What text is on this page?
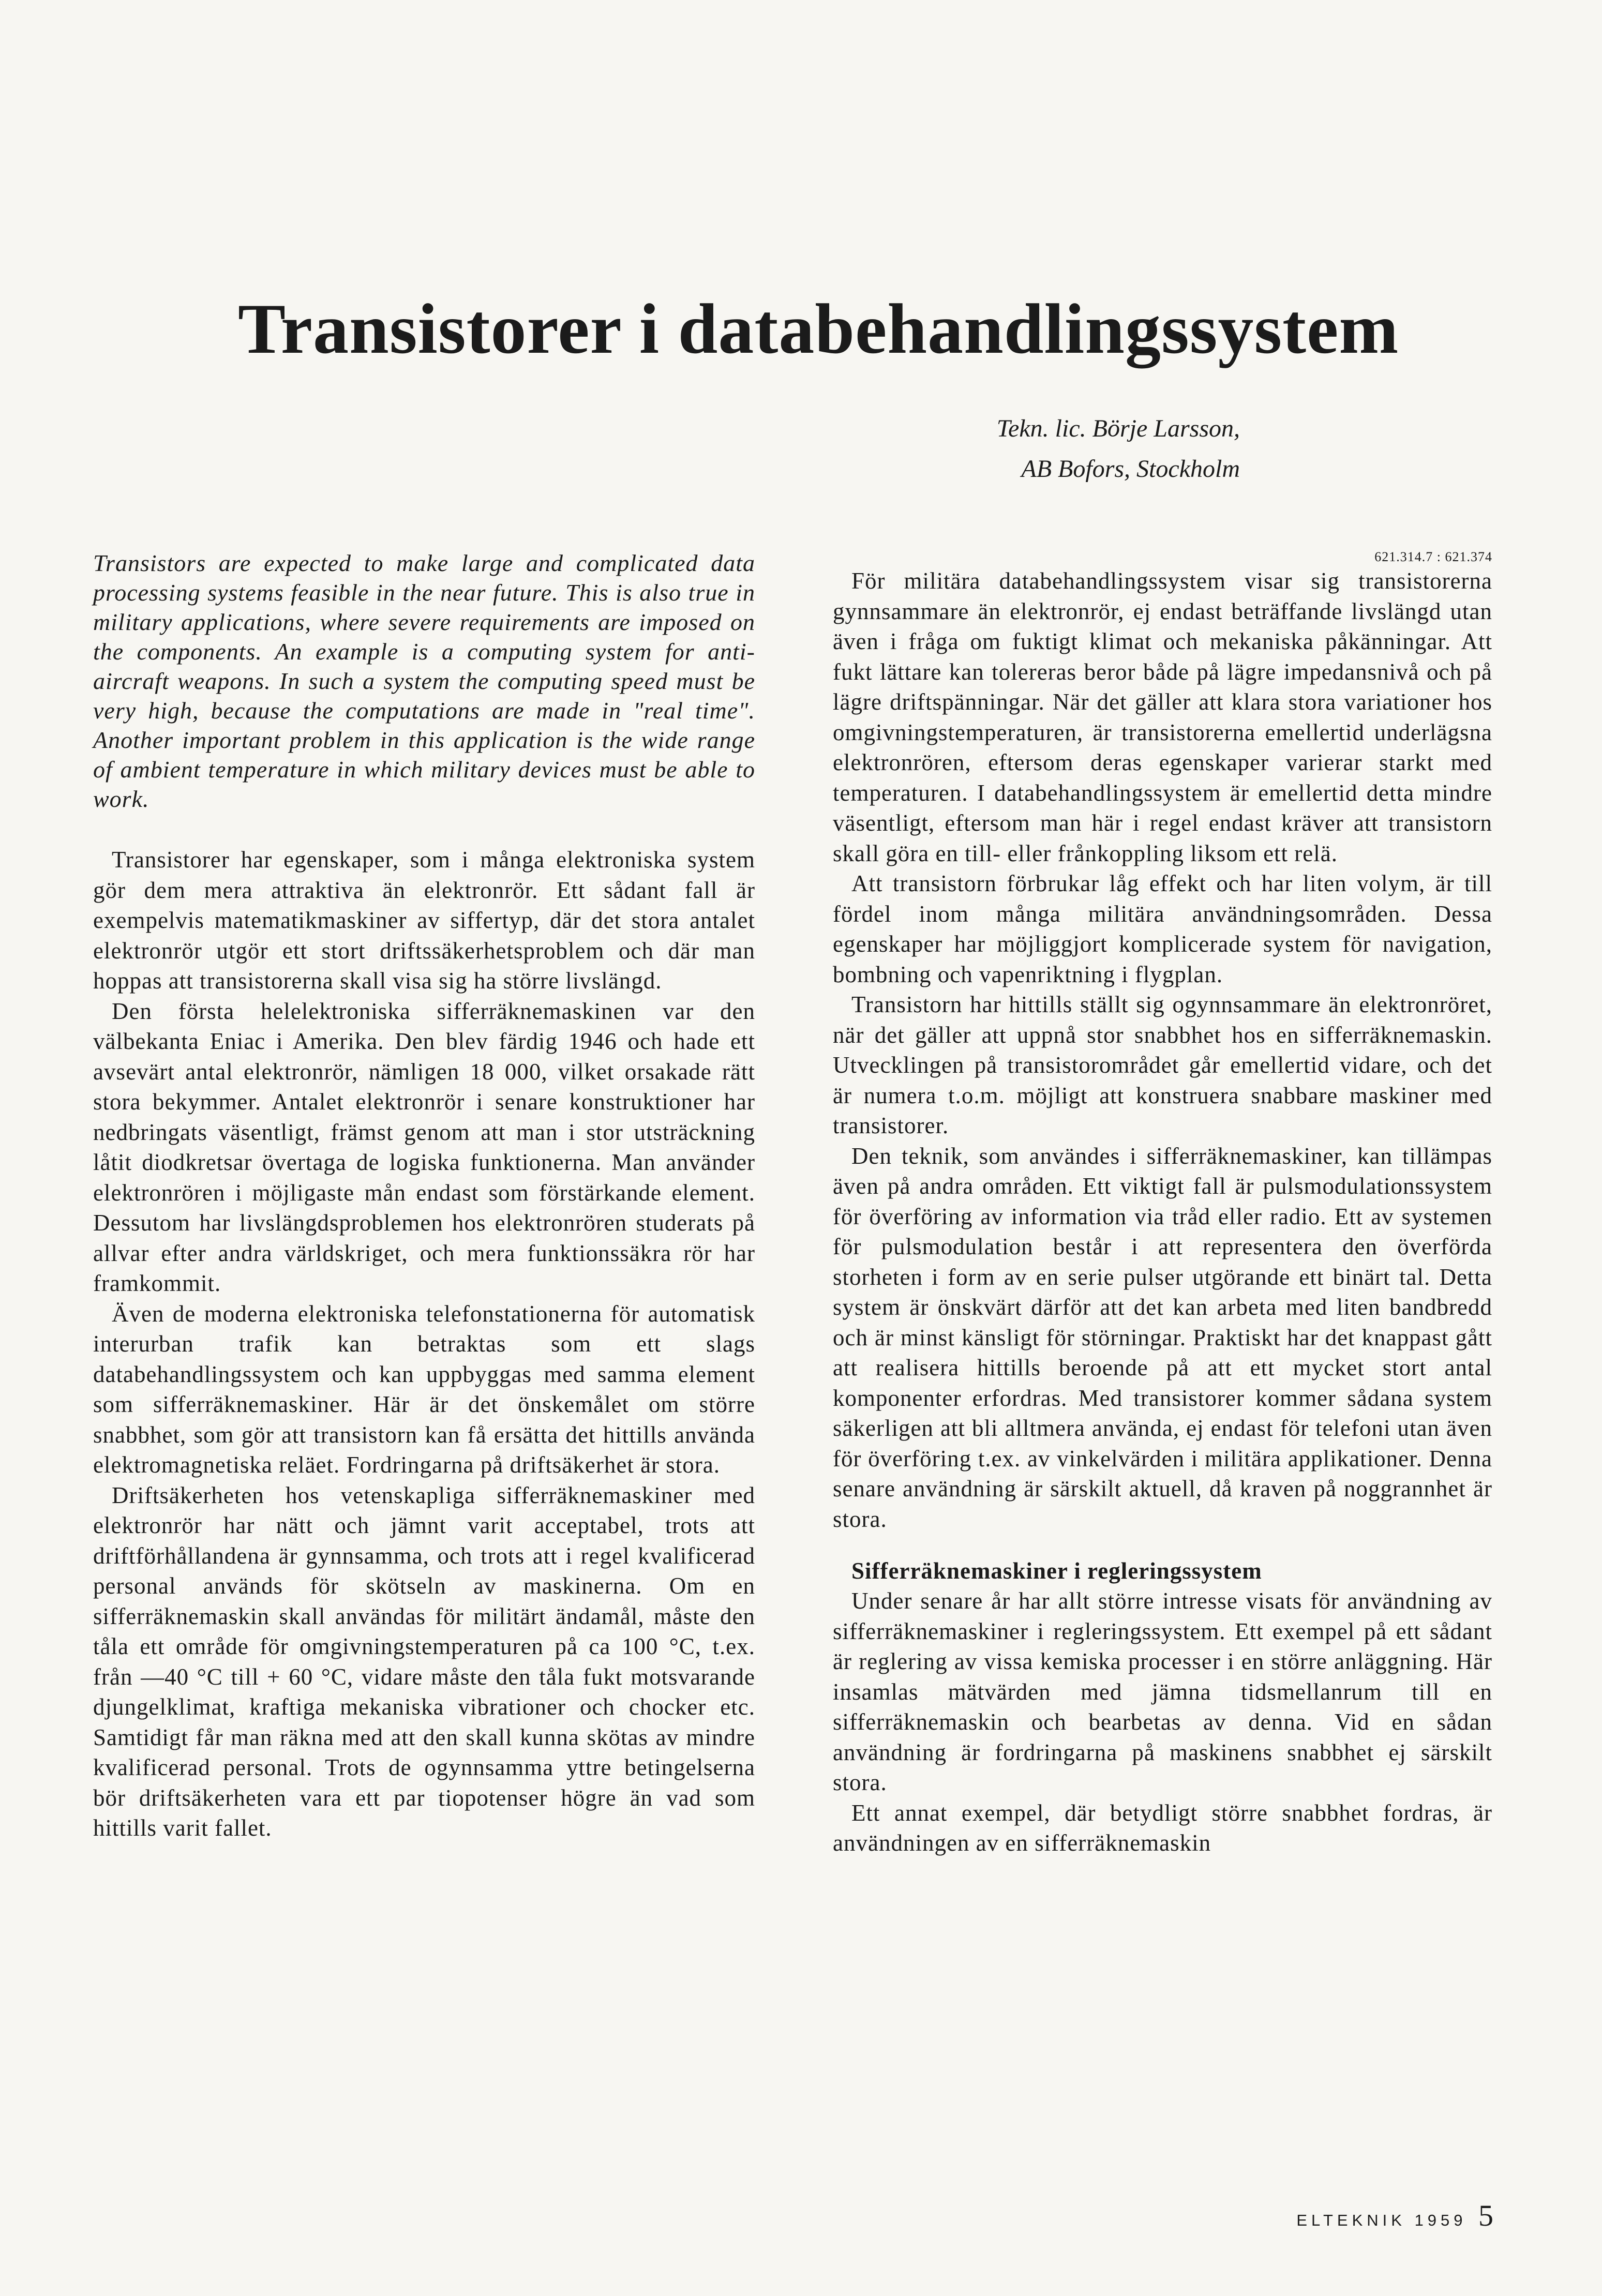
Transistorer i databehandlingssystem
Tekn. lic. Börje Larsson,
AB Bofors, Stockholm

Transistors are expected to make large and complicated data processing systems feasible in the near future. This is also true in military applications, where severe requirements are imposed on the components. An example is a computing system for anti-aircraft weapons. In such a system the computing speed must be very high, because the computations are made in "real time". Another important problem in this application is the wide range of ambient temperature in which military devices must be able to work.

Transistorer har egenskaper, som i många elektroniska system gör dem mera attraktiva än elektronrör. Ett sådant fall är exempelvis matematikmaskiner av siffertyp, där det stora antalet elektronrör utgör ett stort driftssäkerhetsproblem och där man hoppas att transistorerna skall visa sig ha större livslängd.

Den första helelektroniska sifferräknemaskinen var den välbekanta Eniac i Amerika. Den blev färdig 1946 och hade ett avsevärt antal elektronrör, nämligen 18 000, vilket orsakade rätt stora bekymmer. Antalet elektronrör i senare konstruktioner har nedbringats väsentligt, främst genom att man i stor utsträckning låtit diodkretsar övertaga de logiska funktionerna. Man använder elektronrören i möjligaste mån endast som förstärkande element. Dessutom har livslängdsproblemen hos elektronrören studerats på allvar efter andra världskriget, och mera funktionssäkra rör har framkommit.

Även de moderna elektroniska telefonstationerna för automatisk interurban trafik kan betraktas som ett slags databehandlingssystem och kan uppbyggas med samma element som sifferräknemaskiner. Här är det önskemålet om större snabbhet, som gör att transistorn kan få ersätta det hittills använda elektromagnetiska reläet. Fordringarna på driftsäkerhet är stora.

Driftsäkerheten hos vetenskapliga sifferräknemaskiner med elektronrör har nätt och jämnt varit acceptabel, trots att driftförhållandena är gynnsamma, och trots att i regel kvalificerad personal används för skötseln av maskinerna. Om en sifferräknemaskin skall användas för militärt ändamål, måste den tåla ett område för omgivningstemperaturen på ca 100 °C, t.ex. från —40 °C till + 60 °C, vidare måste den tåla fukt motsvarande djungelklimat, kraftiga mekaniska vibrationer och chocker etc. Samtidigt får man räkna med att den skall kunna skötas av mindre kvalificerad personal. Trots de ogynnsamma yttre betingelserna bör driftsäkerheten vara ett par tiopotenser högre än vad som hittills varit fallet.

621.314.7 : 621.374

För militära databehandlingssystem visar sig transistorerna gynnsammare än elektronrör, ej endast beträffande livslängd utan även i fråga om fuktigt klimat och mekaniska påkänningar. Att fukt lättare kan tolereras beror både på lägre impedansnivå och på lägre driftspänningar. När det gäller att klara stora variationer hos omgivningstemperaturen, är transistorerna emellertid underlägsna elektronrören, eftersom deras egenskaper varierar starkt med temperaturen. I databehandlingssystem är emellertid detta mindre väsentligt, eftersom man här i regel endast kräver att transistorn skall göra en till- eller frånkoppling liksom ett relä.

Att transistorn förbrukar låg effekt och har liten volym, är till fördel inom många militära användningsområden. Dessa egenskaper har möjliggjort komplicerade system för navigation, bombning och vapenriktning i flygplan.

Transistorn har hittills ställt sig ogynnsammare än elektronröret, när det gäller att uppnå stor snabbhet hos en sifferräknemaskin. Utvecklingen på transistorområdet går emellertid vidare, och det är numera t.o.m. möjligt att konstruera snabbare maskiner med transistorer.

Den teknik, som användes i sifferräknemaskiner, kan tillämpas även på andra områden. Ett viktigt fall är pulsmodulationssystem för överföring av information via tråd eller radio. Ett av systemen för pulsmodulation består i att representera den överförda storheten i form av en serie pulser utgörande ett binärt tal. Detta system är önskvärt därför att det kan arbeta med liten bandbredd och är minst känsligt för störningar. Praktiskt har det knappast gått att realisera hittills beroende på att ett mycket stort antal komponenter erfordras. Med transistorer kommer sådana system säkerligen att bli alltmera använda, ej endast för telefoni utan även för överföring t.ex. av vinkelvärden i militära applikationer. Denna senare användning är särskilt aktuell, då kraven på noggrannhet är stora.

Sifferräknemaskiner i regleringssystem

Under senare år har allt större intresse visats för användning av sifferräknemaskiner i regleringssystem. Ett exempel på ett sådant är reglering av vissa kemiska processer i en större anläggning. Här insamlas mätvärden med jämna tidsmellanrum till en sifferräknemaskin och bearbetas av denna. Vid en sådan användning är fordringarna på maskinens snabbhet ej särskilt stora.

Ett annat exempel, där betydligt större snabbhet fordras, är användningen av en sifferräknemaskin

ELTEKNIK 1959 5
